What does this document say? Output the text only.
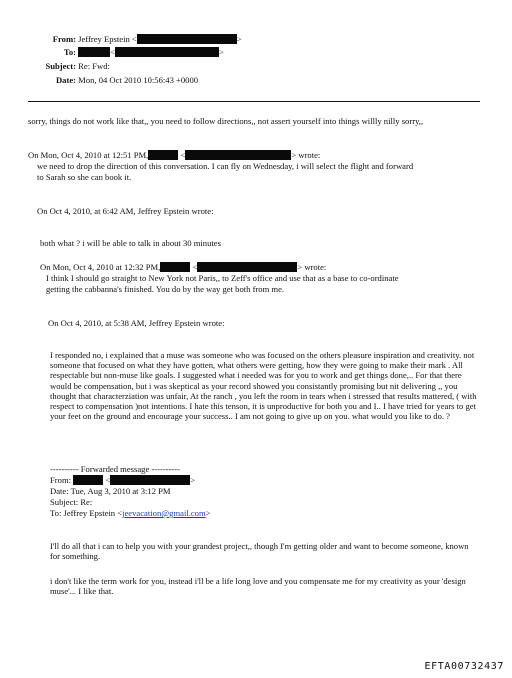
From: Jeffrey Epstein <	>
To:	<	>
Subject: Re: Fwd:
Date: Mon, 04 Oct 2010 10:56:43 +0000
sorry, things do not work like that,, you need to follow directions,, not assert yourself into things willly nilly sorry,,
On Mon, Oct 4, 2010 at 12:51 PM,	<	> wrote:
we need to drop the direction of this conversation. I can fly on Wednesday, i will select the flight and forward
to Sarah so she can book it.
On Oct 4, 2010, at 6:42 AM, Jeffrey Epstein wrote:
both what ? i will be able to talk in about 30 minutes
On Mon, Oct 4, 2010 at 12:32 PM,	<	> wrote:
I think I should go straight to New York not Paris,, to Zeff's office and use that as a base to co-ordinate
getting the cabbanna's finished. You do by the way get both from me.
On Oct 4, 2010, at 5:38 AM, Jeffrey Epstein wrote:
I responded no, i explained that a muse was someone who was focused on the others pleasure inspiration and creativity. not someone that focused on what they have gotten, what others were getting, how they were going to make their mark . All respectable but non-muse like goals. I suggested what i needed was for you to work and get things done,.. For that there would be compensation, but i was skeptical as your record showed you consistantly promising but nit delivering ,, you thought that characterziation was unfair, At the ranch , you left the room in tears when i stressed that results mattered, ( with respect to compensation )not intentions. I hate this tenson, it is unproductive for both you and I.. I have tried for years to get your feet on the ground and encourage your success.. I am not going to give up on you. what would you like to do. ?
---------- Forwarded message ----------
From:	<	>
Date: Tue, Aug 3, 2010 at 3:12 PM
Subject: Re:
To: Jeffrey Epstein <jeevacation@gmail.com>
I'll do all that i can to help you with your grandest project,, though I'm getting older and want to become someone, known for something.
i don't like the term work for you, instead i'll be a life long love and you compensate me for my creativity as your 'design muse'... I like that.
EFTA00732437
